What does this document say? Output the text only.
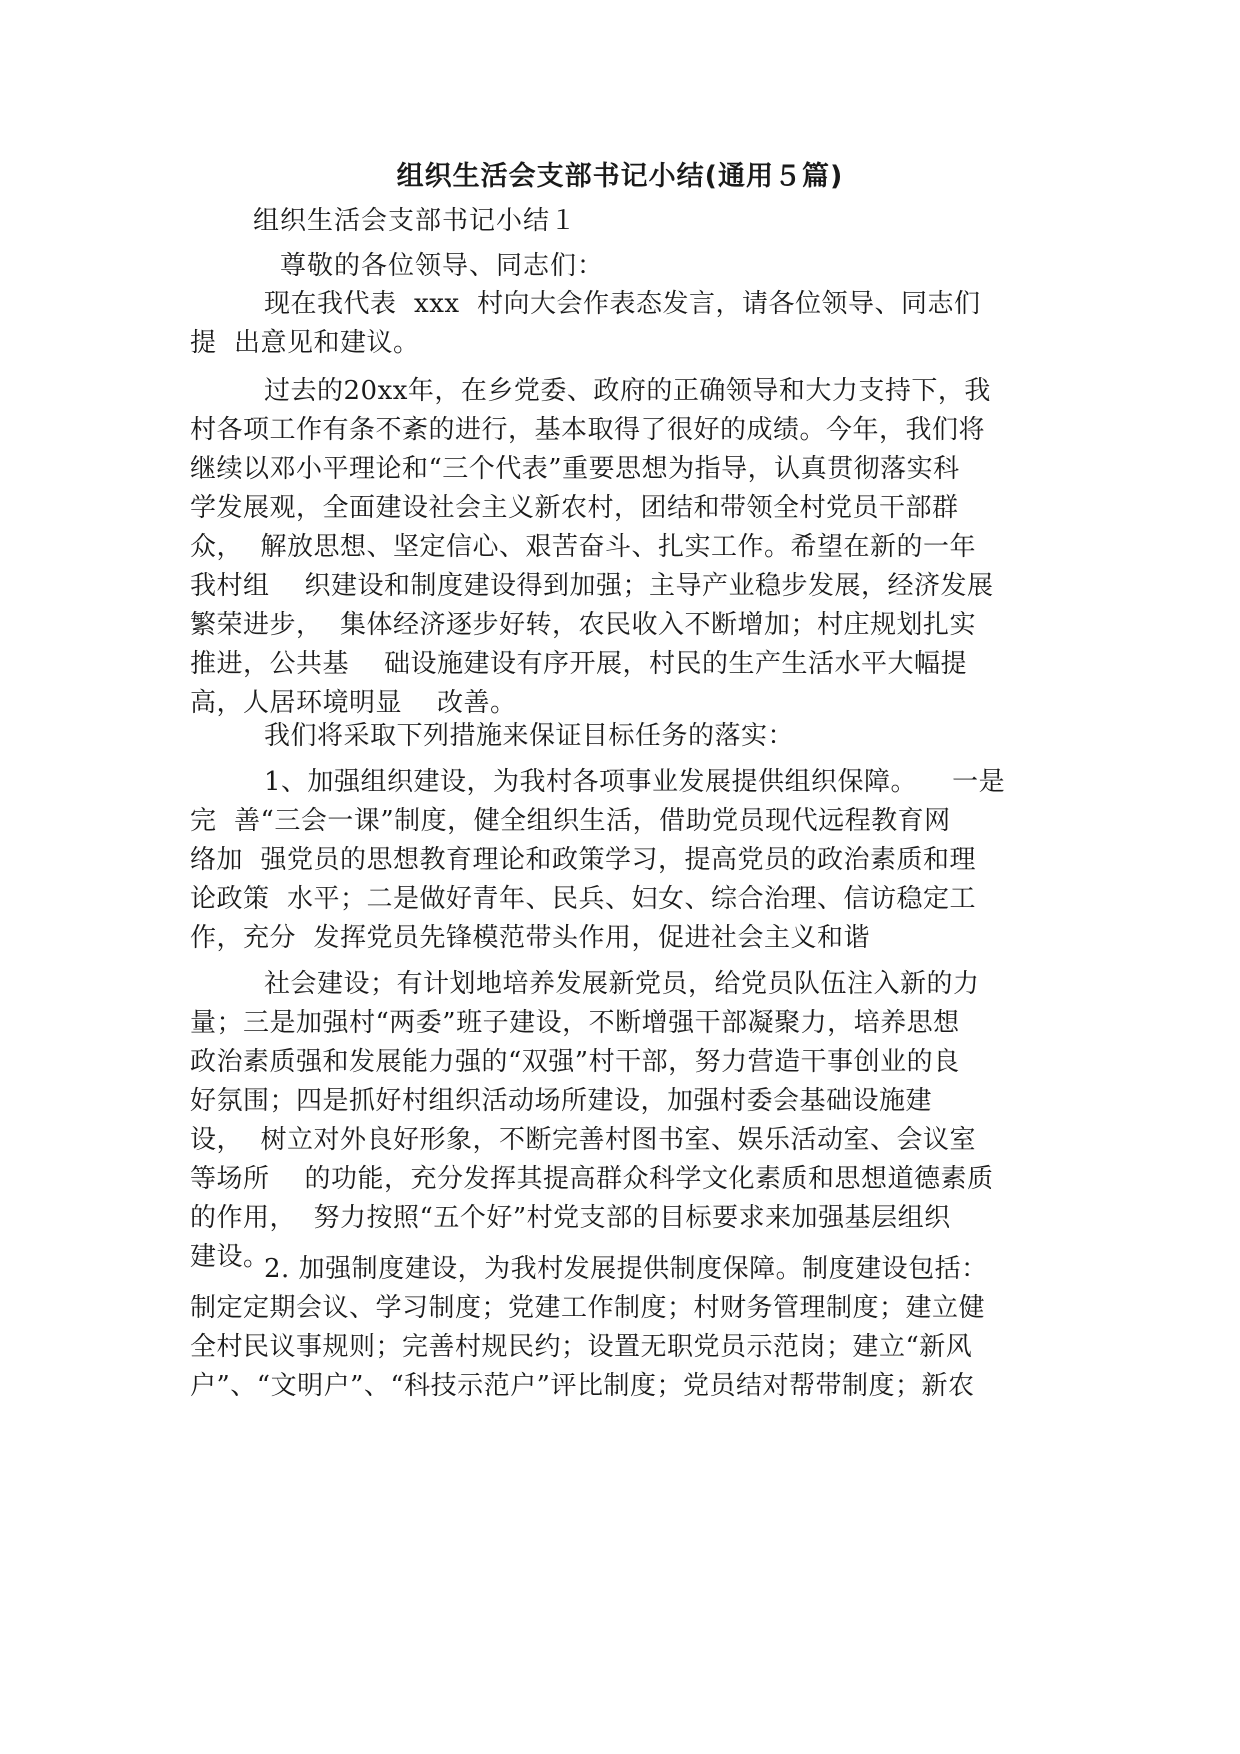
组织生活会支部书记小结(通用５篇)
组织生活会支部书记小结１
尊敬的各位领导、同志们：
现在我代表  xxx  村向大会作表态发言，请各位领导、同志们
提  出意见和建议。
过去的20xx年，在乡党委、政府的正确领导和大力支持下，我
村各项工作有条不紊的进行，基本取得了很好的成绩。今年，我们将
继续以邓小平理论和“三个代表”重要思想为指导，认真贯彻落实科
学发展观，全面建设社会主义新农村，团结和带领全村党员干部群
众，  解放思想、坚定信心、艰苦奋斗、扎实工作。希望在新的一年
我村组    织建设和制度建设得到加强；主导产业稳步发展，经济发展
繁荣进步，  集体经济逐步好转，农民收入不断增加；村庄规划扎实
推进，公共基    础设施建设有序开展，村民的生产生活水平大幅提
高，人居环境明显    改善。
我们将采取下列措施来保证目标任务的落实：
1、加强组织建设，为我村各项事业发展提供组织保障。    一是
完  善“三会一课”制度，健全组织生活，借助党员现代远程教育网
络加  强党员的思想教育理论和政策学习，提高党员的政治素质和理
论政策  水平；二是做好青年、民兵、妇女、综合治理、信访稳定工
作，充分  发挥党员先锋模范带头作用，促进社会主义和谐
社会建设；有计划地培养发展新党员，给党员队伍注入新的力
量；三是加强村“两委”班子建设，不断增强干部凝聚力，培养思想
政治素质强和发展能力强的“双强”村干部，努力营造干事创业的良
好氛围；四是抓好村组织活动场所建设，加强村委会基础设施建
设，  树立对外良好形象，不断完善村图书室、娱乐活动室、会议室
等场所    的功能，充分发挥其提高群众科学文化素质和思想道德素质
的作用，  努力按照“五个好”村党支部的目标要求来加强基层组织
建设。
2. 加强制度建设，为我村发展提供制度保障。制度建设包括：
制定定期会议、学习制度；党建工作制度；村财务管理制度；建立健
全村民议事规则；完善村规民约；设置无职党员示范岗；建立“新风
户”、“文明户”、“科技示范户”评比制度；党员结对帮带制度；新农
